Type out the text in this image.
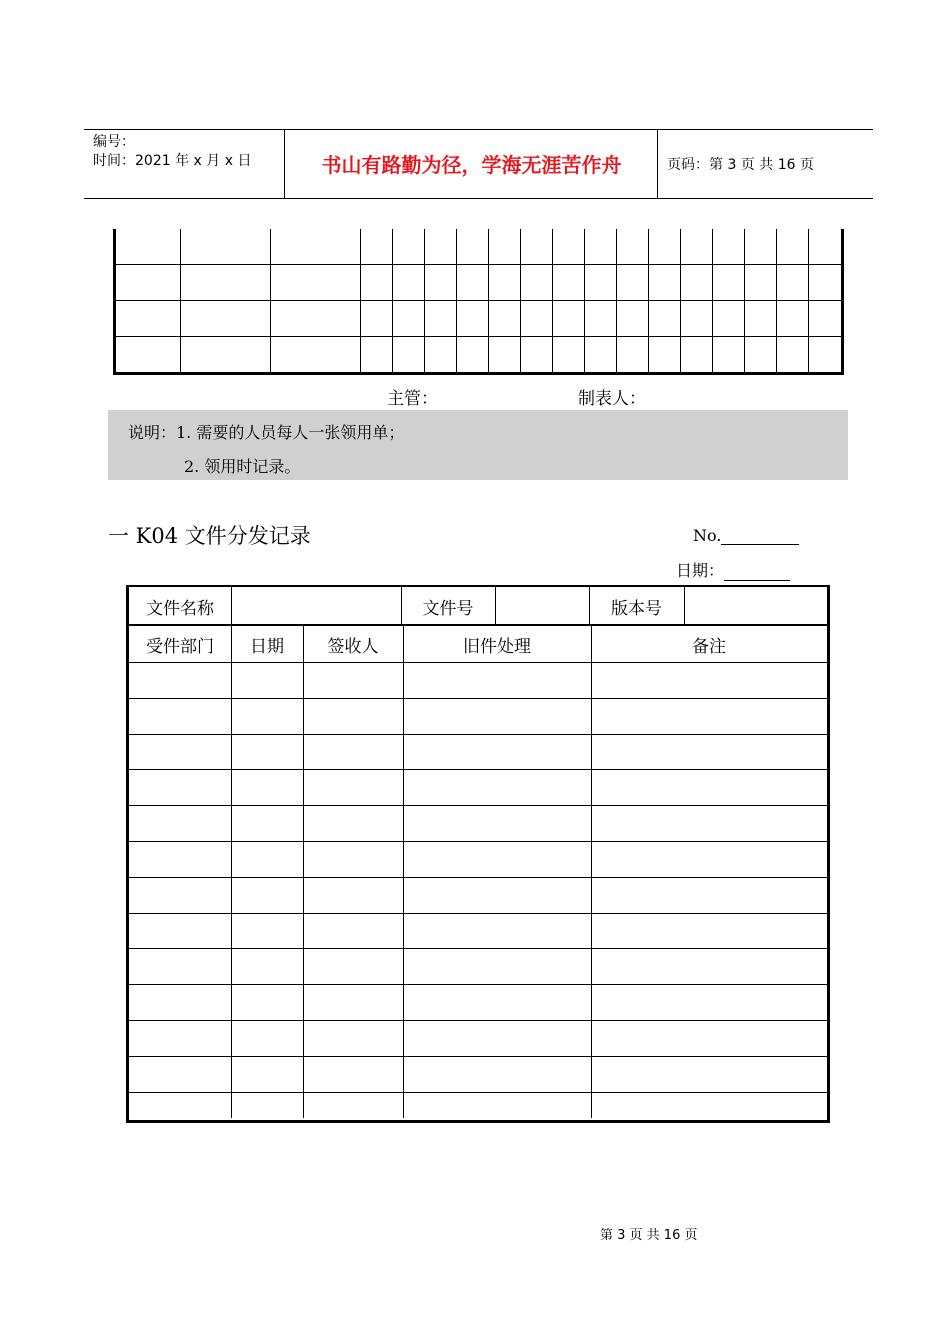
编号：
时间：2021 年 x 月 x 日	页码：第 3 页 共 16 页
书山有路勤为径，学海无涯苦作舟
主管：	制表人：
说明：1. 需要的人员每人一张领用单；
2. 领用时记录。
一 K04 文件分发记录	No.
日期：
文件名称	文件号	版本号
受件部门	日期	签收人	旧件处理	备注
第 3 页 共 16 页
